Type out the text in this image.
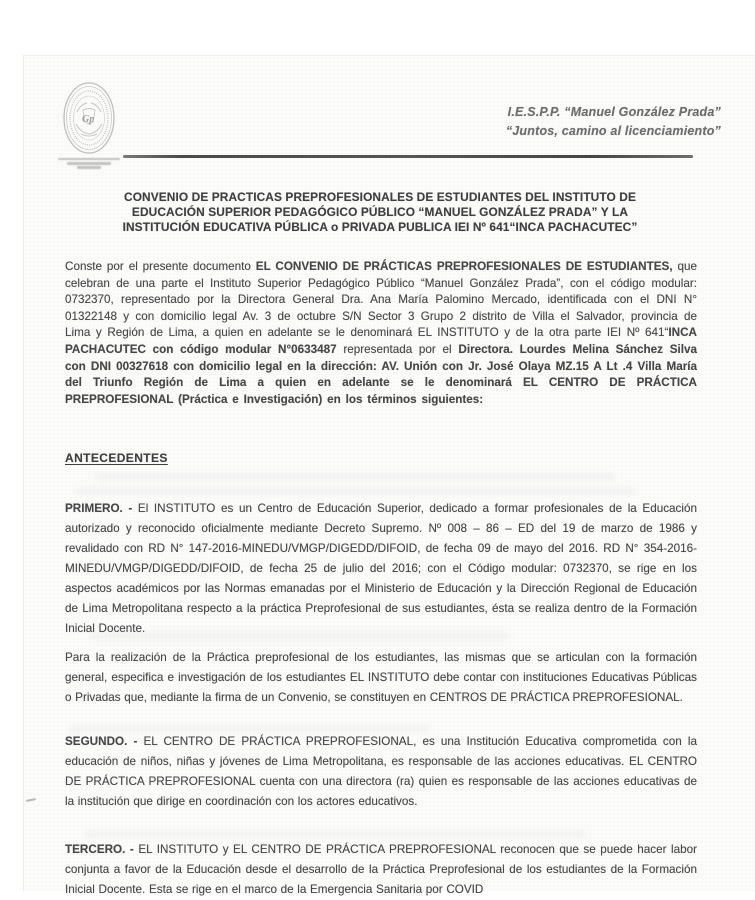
Gp
I.E.S.P.P. “Manuel González Prada”
“Juntos, camino al licenciamiento”
CONVENIO DE PRACTICAS PREPROFESIONALES DE ESTUDIANTES DEL INSTITUTO DE
EDUCACIÓN SUPERIOR PEDAGÓGICO PÚBLICO “MANUEL GONZÁLEZ PRADA” Y LA
INSTITUCIÓN EDUCATIVA PÚBLICA o PRIVADA PUBLICA IEI Nº 641“INCA PACHACUTEC”

Conste por el presente documento EL CONVENIO DE PRÁCTICAS PREPROFESIONALES DE ESTUDIANTES, que celebran de una parte el Instituto Superior Pedagógico Público “Manuel González Prada”, con el código modular: 0732370, representado por la Directora General Dra. Ana María Palomino Mercado, identificada con el DNI N° 01322148 y con domicilio legal Av. 3 de octubre S/N Sector 3 Grupo 2 distrito de Villa el Salvador, provincia de Lima y Región de Lima, a quien en adelante se le denominará EL INSTITUTO y de la otra parte IEI Nº 641“INCA PACHACUTEC con código modular N°0633487 representada por el Directora. Lourdes Melina Sánchez Silva con DNI 00327618 con domicilio legal en la dirección: AV. Unión con Jr. José Olaya MZ.15 A Lt .4 Villa María del Triunfo Región de Lima a quien en adelante se le denominará EL CENTRO DE PRÁCTICA PREPROFESIONAL (Práctica e Investigación) en los términos siguientes:

ANTECEDENTES

PRIMERO. - El INSTITUTO es un Centro de Educación Superior, dedicado a formar profesionales de la Educación autorizado y reconocido oficialmente mediante Decreto Supremo. Nº 008 – 86 – ED del 19 de marzo de 1986 y revalidado con RD N° 147-2016-MINEDU/VMGP/DIGEDD/DIFOID, de fecha 09 de mayo del 2016. RD N° 354-2016-MINEDU/VMGP/DIGEDD/DIFOID, de fecha 25 de julio del 2016; con el Código modular: 0732370, se rige en los aspectos académicos por las Normas emanadas por el Ministerio de Educación y la Dirección Regional de Educación de Lima Metropolitana respecto a la práctica Preprofesional de sus estudiantes, ésta se realiza dentro de la Formación Inicial Docente.

Para la realización de la Práctica preprofesional de los estudiantes, las mismas que se articulan con la formación general, especifica e investigación de los estudiantes EL INSTITUTO debe contar con instituciones Educativas Públicas o Privadas que, mediante la firma de un Convenio, se constituyen en CENTROS DE PRÁCTICA PREPROFESIONAL.

SEGUNDO. - EL CENTRO DE PRÁCTICA PREPROFESIONAL, es una Institución Educativa comprometida con la educación de niños, niñas y jóvenes de Lima Metropolitana, es responsable de las acciones educativas. EL CENTRO DE PRÁCTICA PREPROFESIONAL cuenta con una directora (ra) quien es responsable de las acciones educativas de la institución que dirige en coordinación con los actores educativos.

TERCERO. - EL INSTITUTO y EL CENTRO DE PRÁCTICA PREPROFESIONAL reconocen que se puede hacer labor conjunta a favor de la Educación desde el desarrollo de la Práctica Preprofesional de los estudiantes de la Formación Inicial Docente. Esta se rige en el marco de la Emergencia Sanitaria por COVID
